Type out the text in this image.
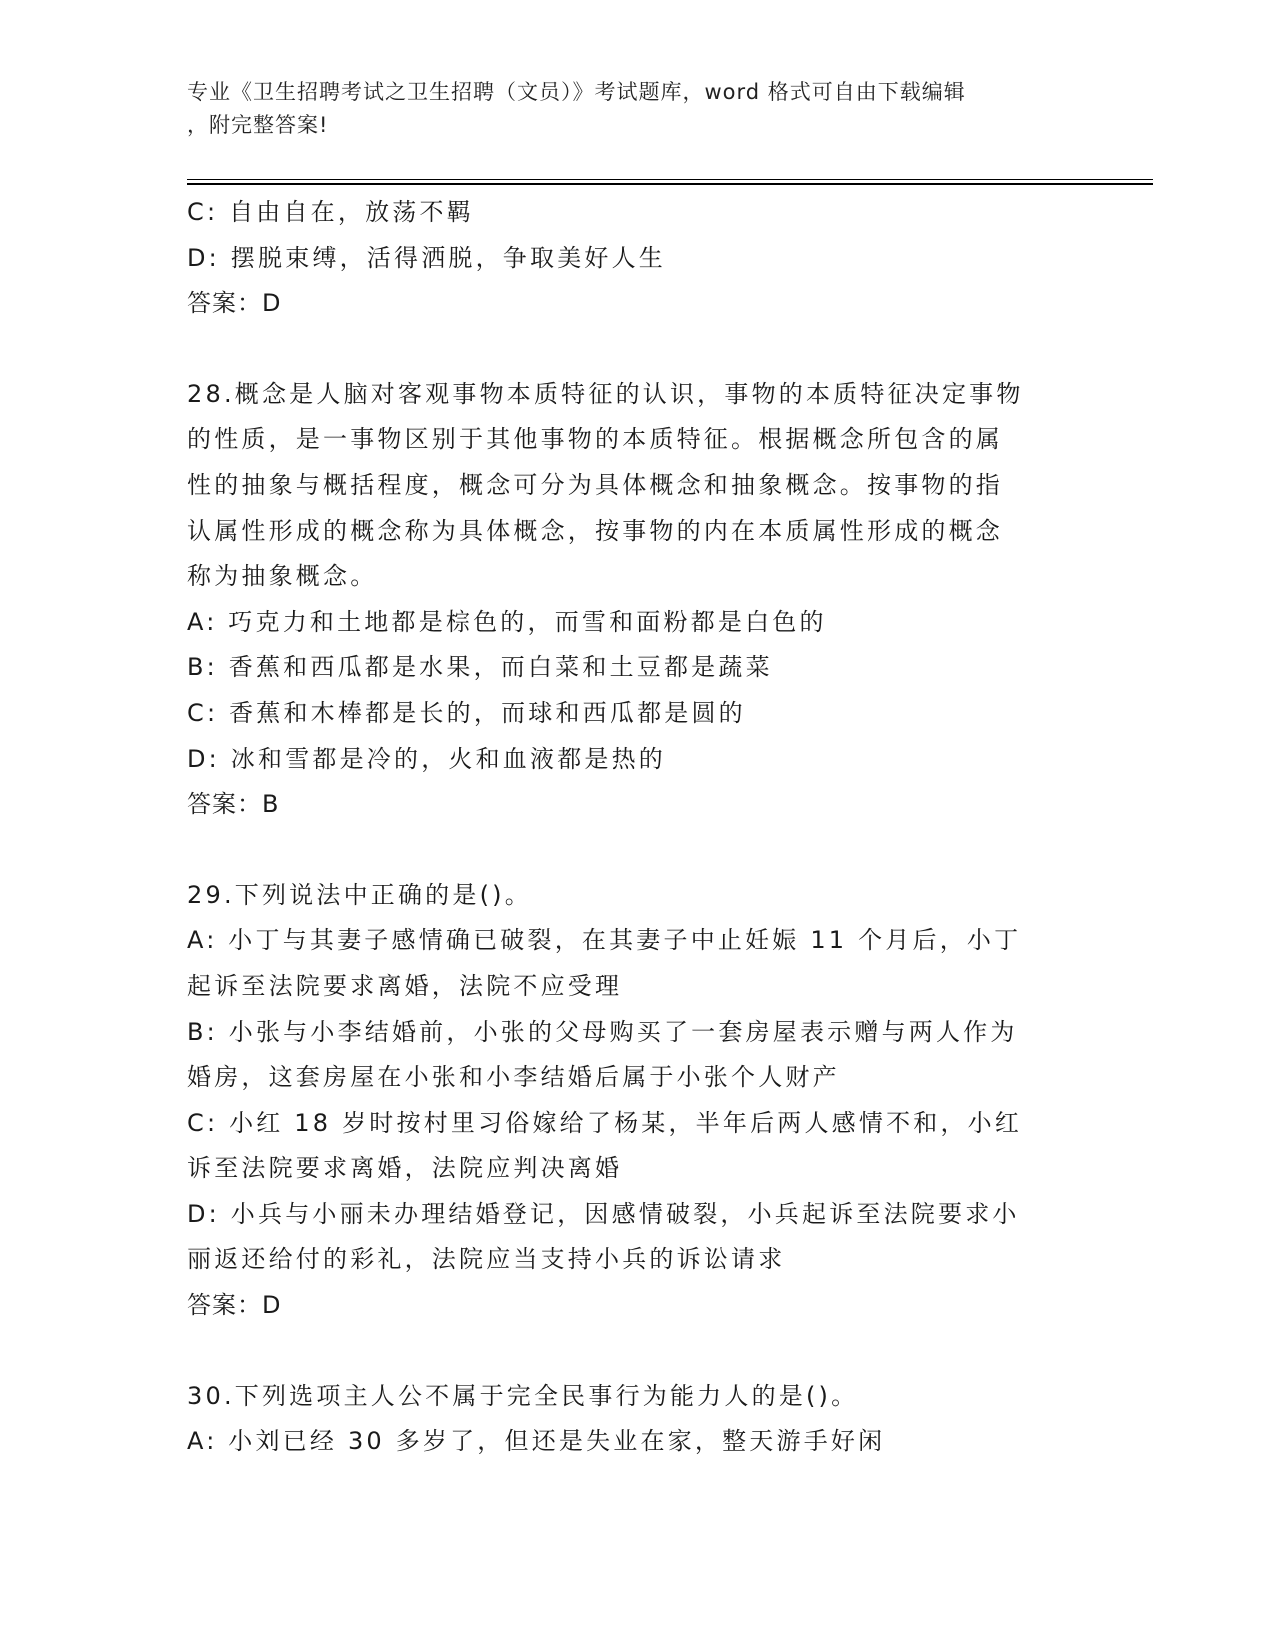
专业《卫生招聘考试之卫生招聘（文员）》考试题库，word 格式可自由下载编辑
，附完整答案!
C: 自由自在，放荡不羁
D: 摆脱束缚，活得洒脱，争取美好人生
答案：D
28.概念是人脑对客观事物本质特征的认识，事物的本质特征决定事物
的性质，是一事物区别于其他事物的本质特征。根据概念所包含的属
性的抽象与概括程度，概念可分为具体概念和抽象概念。按事物的指
认属性形成的概念称为具体概念，按事物的内在本质属性形成的概念
称为抽象概念。
A: 巧克力和土地都是棕色的，而雪和面粉都是白色的
B: 香蕉和西瓜都是水果，而白菜和土豆都是蔬菜
C: 香蕉和木棒都是长的，而球和西瓜都是圆的
D: 冰和雪都是冷的，火和血液都是热的
答案：B
29.下列说法中正确的是()。
A: 小丁与其妻子感情确已破裂，在其妻子中止妊娠 11 个月后，小丁
起诉至法院要求离婚，法院不应受理
B: 小张与小李结婚前，小张的父母购买了一套房屋表示赠与两人作为
婚房，这套房屋在小张和小李结婚后属于小张个人财产
C: 小红 18 岁时按村里习俗嫁给了杨某，半年后两人感情不和，小红
诉至法院要求离婚，法院应判决离婚
D: 小兵与小丽未办理结婚登记，因感情破裂，小兵起诉至法院要求小
丽返还给付的彩礼，法院应当支持小兵的诉讼请求
答案：D
30.下列选项主人公不属于完全民事行为能力人的是()。
A: 小刘已经 30 多岁了，但还是失业在家，整天游手好闲
